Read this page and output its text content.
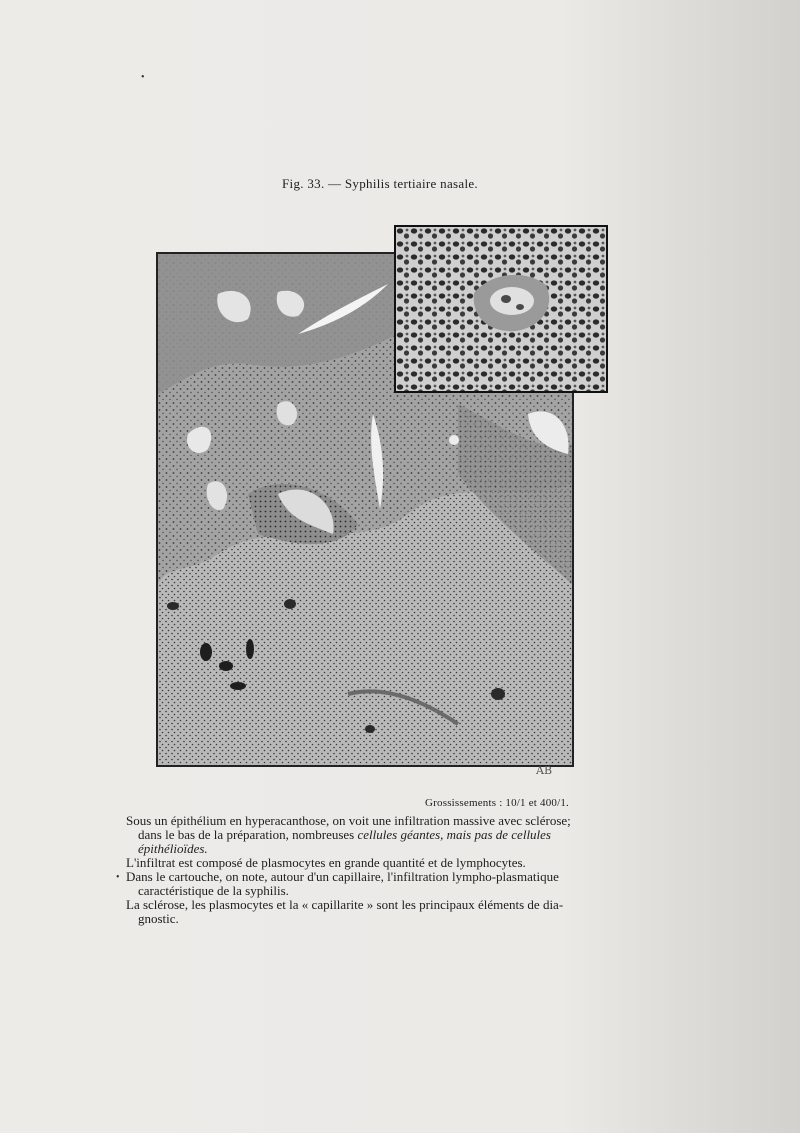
•
•
Fig. 33. — Syphilis tertiaire nasale.
AB
Grossissements : 10/1 et 400/1.

Sous un épithélium en hyperacanthose, on voit une infiltration massive avec sclérose;
dans le bas de la préparation, nombreuses cellules géantes, mais pas de cellules
épithélioïdes.

L'infiltrat est composé de plasmocytes en grande quantité et de lymphocytes.

Dans le cartouche, on note, autour d'un capillaire, l'infiltration lympho-plasmatique
caractéristique de la syphilis.

La sclérose, les plasmocytes et la « capillarite » sont les principaux éléments de dia-
gnostic.
